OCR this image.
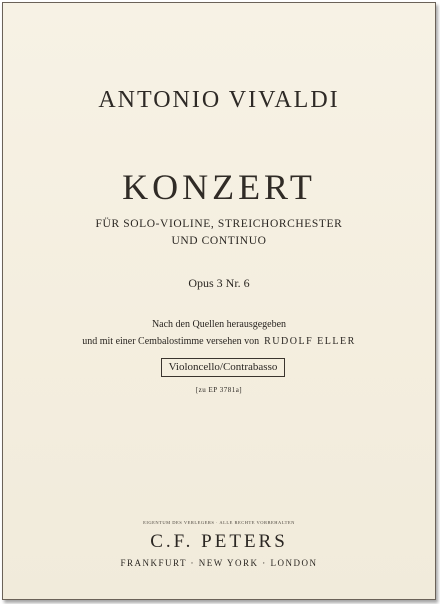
ANTONIO VIVALDI
KONZERT
FÜR SOLO-VIOLINE, STREICHORCHESTER
UND CONTINUO
Opus 3 Nr. 6
Nach den Quellen herausgegeben
und mit einer Cembalostimme versehen von RUDOLF ELLER
Violoncello/Contrabasso
[zu EP 3781a]
EIGENTUM DES VERLEGERS · ALLE RECHTE VORBEHALTEN
C.F. PETERS
FRANKFURT · NEW YORK · LONDON
